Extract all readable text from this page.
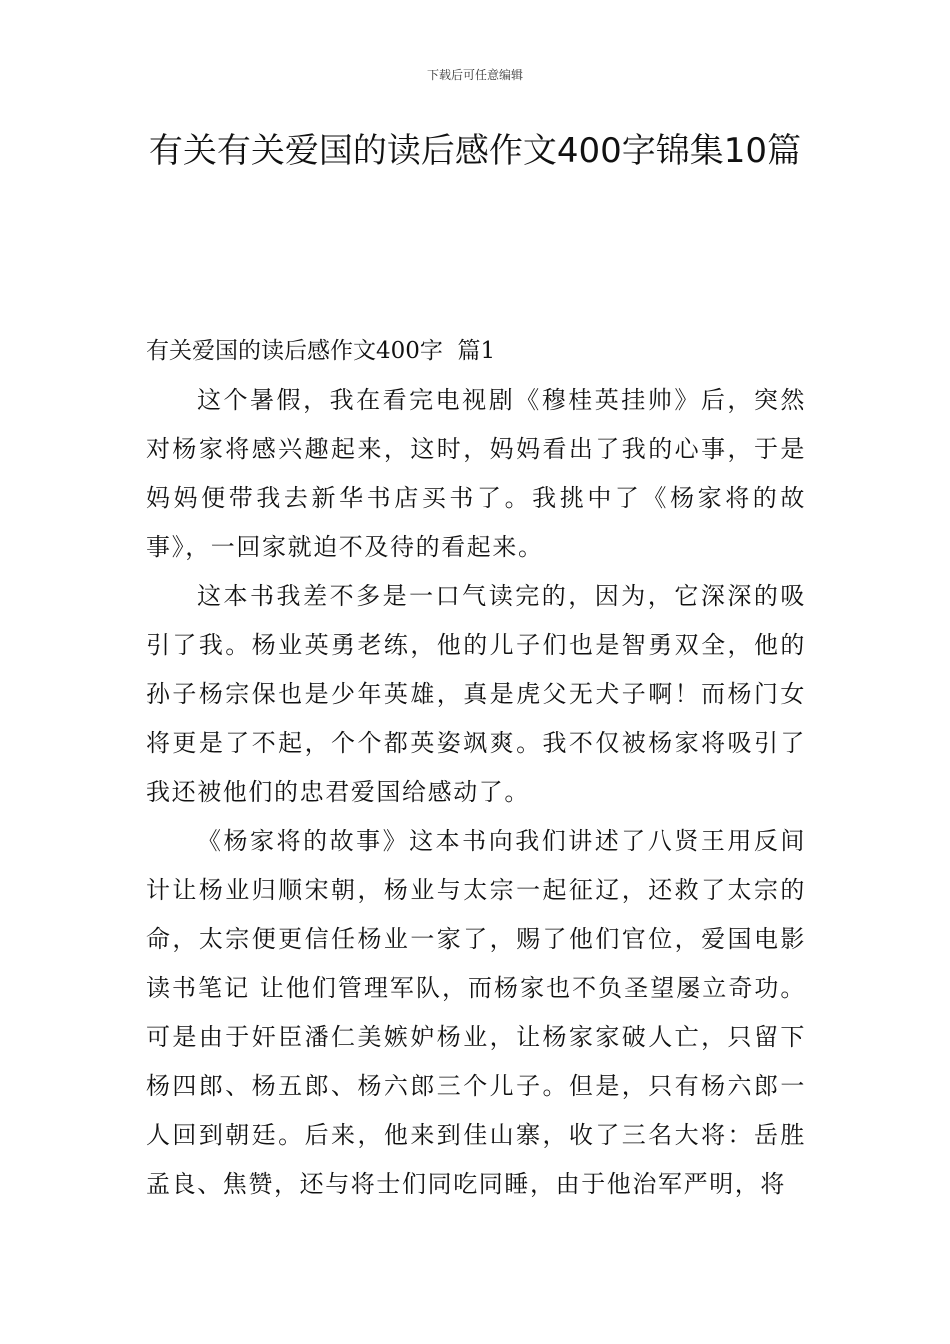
下载后可任意编辑
有关有关爱国的读后感作文400字锦集10篇
有关爱国的读后感作文400字  篇1

这个暑假，我在看完电视剧《穆桂英挂帅》后，突然对杨家将感兴趣起来，这时，妈妈看出了我的心事，于是妈妈便带我去新华书店买书了。我挑中了《杨家将的故事》，一回家就迫不及待的看起来。

这本书我差不多是一口气读完的，因为，它深深的吸引了我。杨业英勇老练，他的儿子们也是智勇双全，他的孙子杨宗保也是少年英雄，真是虎父无犬子啊！而杨门女将更是了不起，个个都英姿飒爽。我不仅被杨家将吸引了我还被他们的忠君爱国给感动了。

《杨家将的故事》这本书向我们讲述了八贤王用反间计让杨业归顺宋朝，杨业与太宗一起征辽，还救了太宗的命，太宗便更信任杨业一家了，赐了他们官位，爱国电影读书笔记 让他们管理军队，而杨家也不负圣望屡立奇功。可是由于奸臣潘仁美嫉妒杨业，让杨家家破人亡，只留下杨四郎、杨五郎、杨六郎三个儿子。但是，只有杨六郎一人回到朝廷。后来，他来到佳山寨，收了三名大将：岳胜孟良、焦赞，还与将士们同吃同睡，由于他治军严明，将
